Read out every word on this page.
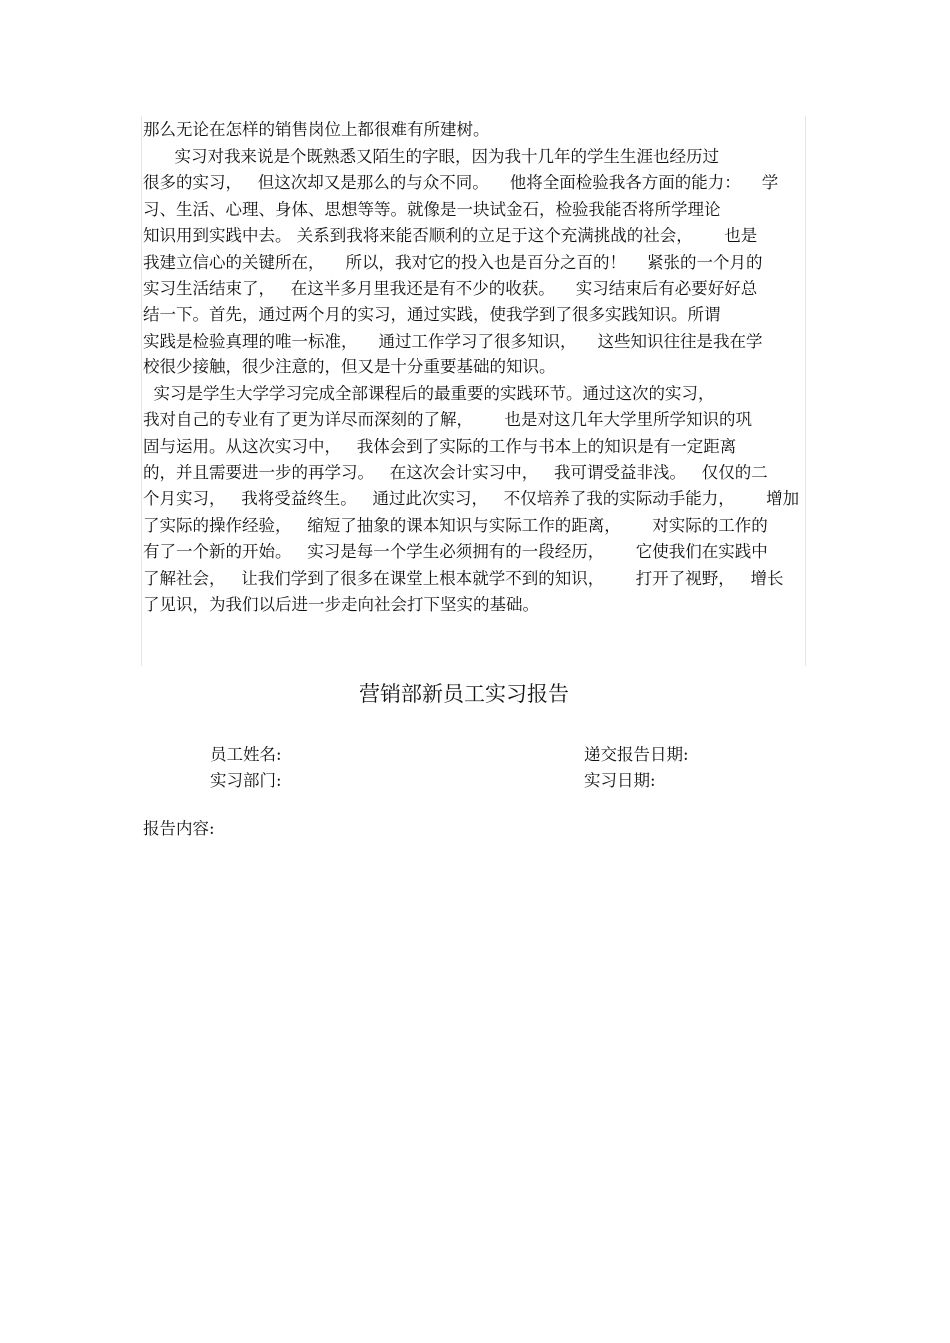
那么无论在怎样的销售岗位上都很难有所建树。
实习对我来说是个既熟悉又陌生的字眼，因为我十几年的学生生涯也经历过
很多的实习，   但这次却又是那么的与众不同。    他将全面检验我各方面的能力：    学
习、生活、心理、身体、思想等等。就像是一块试金石，检验我能否将所学理论
知识用到实践中去。 关系到我将来能否顺利的立足于这个充满挑战的社会，      也是
我建立信心的关键所在，    所以，我对它的投入也是百分之百的！    紧张的一个月的
实习生活结束了，   在这半多月里我还是有不少的收获。    实习结束后有必要好好总
结一下。首先，通过两个月的实习，通过实践，使我学到了很多实践知识。所谓
实践是检验真理的唯一标准，    通过工作学习了很多知识，    这些知识往往是我在学
校很少接触，很少注意的，但又是十分重要基础的知识。
实习是学生大学学习完成全部课程后的最重要的实践环节。通过这次的实习，
我对自己的专业有了更为详尽而深刻的了解，      也是对这几年大学里所学知识的巩
固与运用。从这次实习中，   我体会到了实际的工作与书本上的知识是有一定距离
的，并且需要进一步的再学习。   在这次会计实习中，   我可谓受益非浅。   仅仅的二
个月实习，   我将受益终生。   通过此次实习，   不仅培养了我的实际动手能力，      增加
了实际的操作经验，   缩短了抽象的课本知识与实际工作的距离，      对实际的工作的
有了一个新的开始。   实习是每一个学生必须拥有的一段经历，      它使我们在实践中
了解社会，   让我们学到了很多在课堂上根本就学不到的知识，      打开了视野，   增长
了见识，为我们以后进一步走向社会打下坚实的基础。
营销部新员工实习报告
员工姓名:	递交报告日期:
实习部门:	实习日期:
报告内容:
